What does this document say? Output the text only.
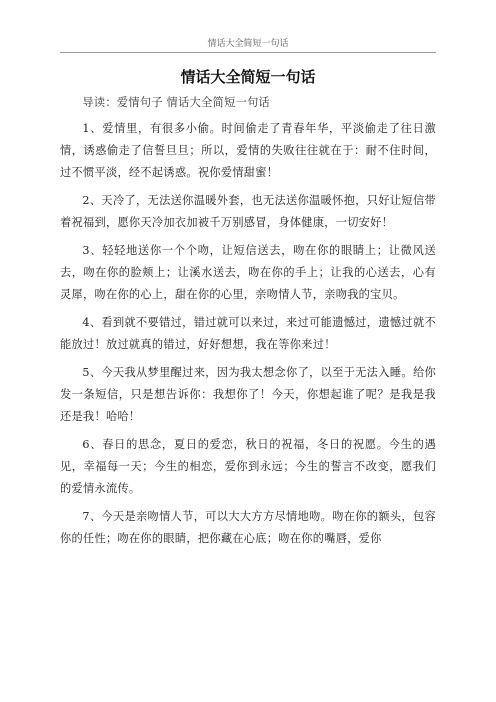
情话大全简短一句话
情话大全简短一句话

导读：爱情句子 情话大全简短一句话

1、爱情里，有很多小偷。时间偷走了青春年华，平淡偷走了往日激情，诱惑偷走了信誓旦旦；所以，爱情的失败往往就在于：耐不住时间，过不惯平淡，经不起诱惑。祝你爱情甜蜜！

2、天冷了，无法送你温暖外套，也无法送你温暖怀抱，只好让短信带着祝福到，愿你天冷加衣加被千万别感冒，身体健康，一切安好！

3、轻轻地送你一个个吻，让短信送去，吻在你的眼睛上；让微风送去，吻在你的脸颊上；让溪水送去，吻在你的手上；让我的心送去，心有灵犀，吻在你的心上，甜在你的心里，亲吻情人节，亲吻我的宝贝。

4、看到就不要错过，错过就可以来过，来过可能遗憾过，遗憾过就不能放过！放过就真的错过，好好想想，我在等你来过！

5、今天我从梦里醒过来，因为我太想念你了，以至于无法入睡。给你发一条短信，只是想告诉你：我想你了！今天，你想起谁了呢？是我是我还是我！哈哈！

6、春日的思念，夏日的爱恋，秋日的祝福，冬日的祝愿。今生的遇见，幸福每一天；今生的相恋，爱你到永远；今生的誓言不改变，愿我们的爱情永流传。

7、今天是亲吻情人节，可以大大方方尽情地吻。吻在你的额头，包容你的任性；吻在你的眼睛，把你藏在心底；吻在你的嘴唇，爱你
